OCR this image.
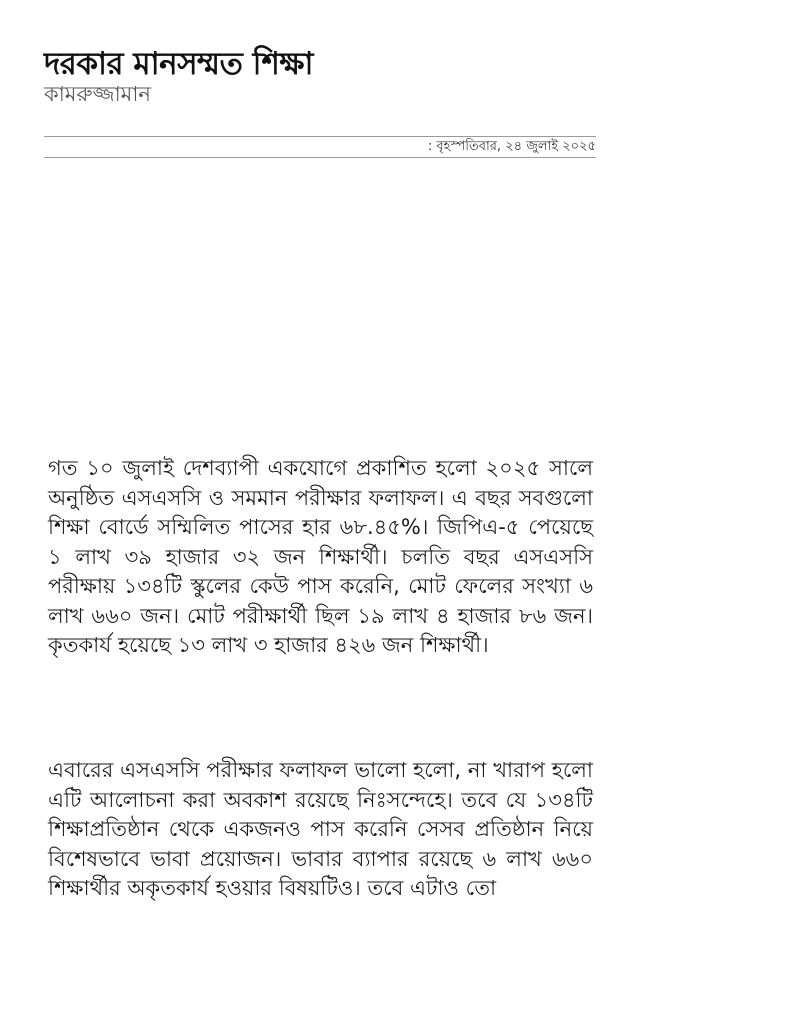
দরকার মানসম্মত শিক্ষা
কামরুজ্জামান
: বৃহস্পতিবার, ২৪ জুলাই ২০২৫

গত ১০ জুলাই দেশব্যাপী একযোগে প্রকাশিত হলো ২০২৫ সালে অনুষ্ঠিত এসএসসি ও সমমান পরীক্ষার ফলাফল। এ বছর সবগুলো শিক্ষা বোর্ডে সম্মিলিত পাসের হার ৬৮.৪৫%। জিপিএ-৫ পেয়েছে ১ লাখ ৩৯ হাজার ৩২ জন শিক্ষার্থী। চলতি বছর এসএসসি পরীক্ষায় ১৩৪টি স্কুলের কেউ পাস করেনি, মোট ফেলের সংখ্যা ৬ লাখ ৬৬০ জন। মোট পরীক্ষার্থী ছিল ১৯ লাখ ৪ হাজার ৮৬ জন। কৃতকার্য হয়েছে ১৩ লাখ ৩ হাজার ৪২৬ জন শিক্ষার্থী।

এবারের এসএসসি পরীক্ষার ফলাফল ভালো হলো, না খারাপ হলো এটি আলোচনা করা অবকাশ রয়েছে নিঃসন্দেহে। তবে যে ১৩৪টি শিক্ষাপ্রতিষ্ঠান থেকে একজনও পাস করেনি সেসব প্রতিষ্ঠান নিয়ে বিশেষভাবে ভাবা প্রয়োজন। ভাবার ব্যাপার রয়েছে ৬ লাখ ৬৬০ শিক্ষার্থীর অকৃতকার্য হওয়ার বিষয়টিও। তবে এটাও তো
